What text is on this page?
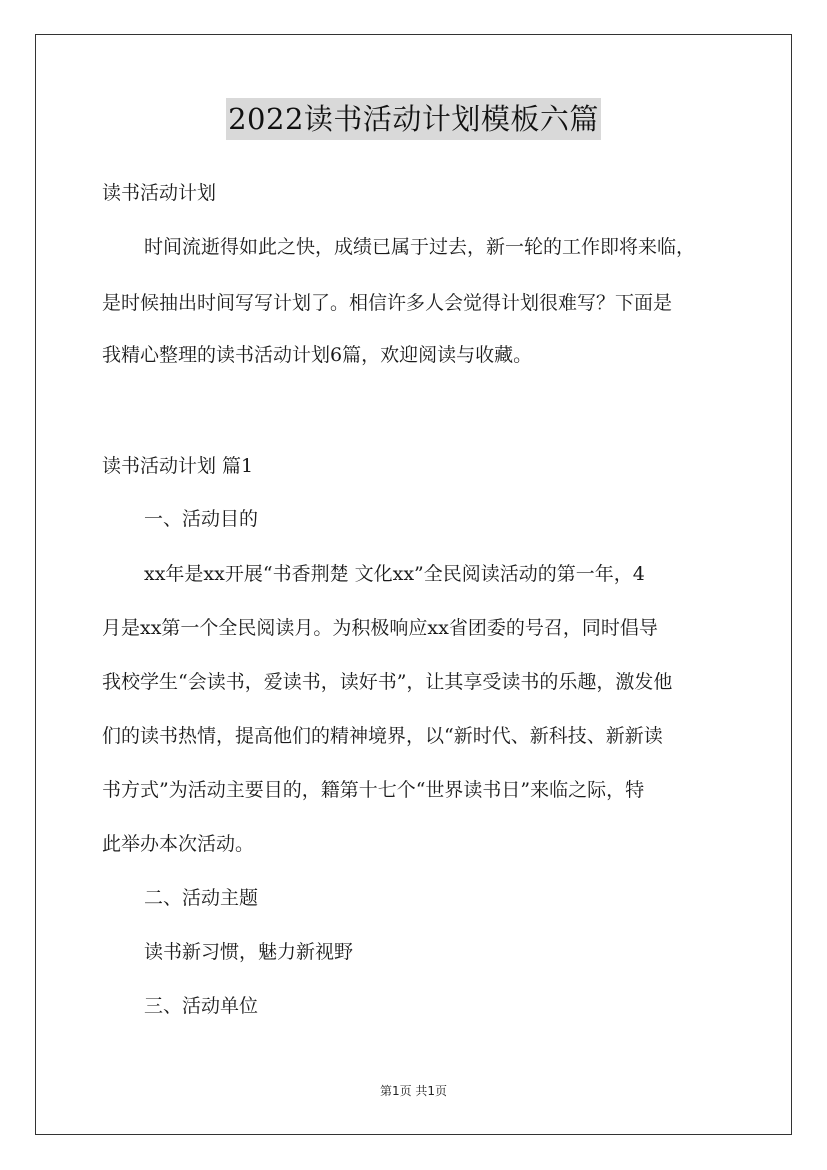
2022读书活动计划模板六篇
读书活动计划
时间流逝得如此之快，成绩已属于过去，新一轮的工作即将来临，
是时候抽出时间写写计划了。相信许多人会觉得计划很难写？下面是
我精心整理的读书活动计划6篇，欢迎阅读与收藏。
读书活动计划 篇1
一、活动目的
xx年是xx开展“书香荆楚 文化xx”全民阅读活动的第一年，4
月是xx第一个全民阅读月。为积极响应xx省团委的号召，同时倡导
我校学生“会读书，爱读书，读好书”，让其享受读书的乐趣，激发他
们的读书热情，提高他们的精神境界，以“新时代、新科技、新新读
书方式”为活动主要目的，籍第十七个“世界读书日”来临之际，特
此举办本次活动。
二、活动主题
读书新习惯，魅力新视野
三、活动单位
第1页 共1页
